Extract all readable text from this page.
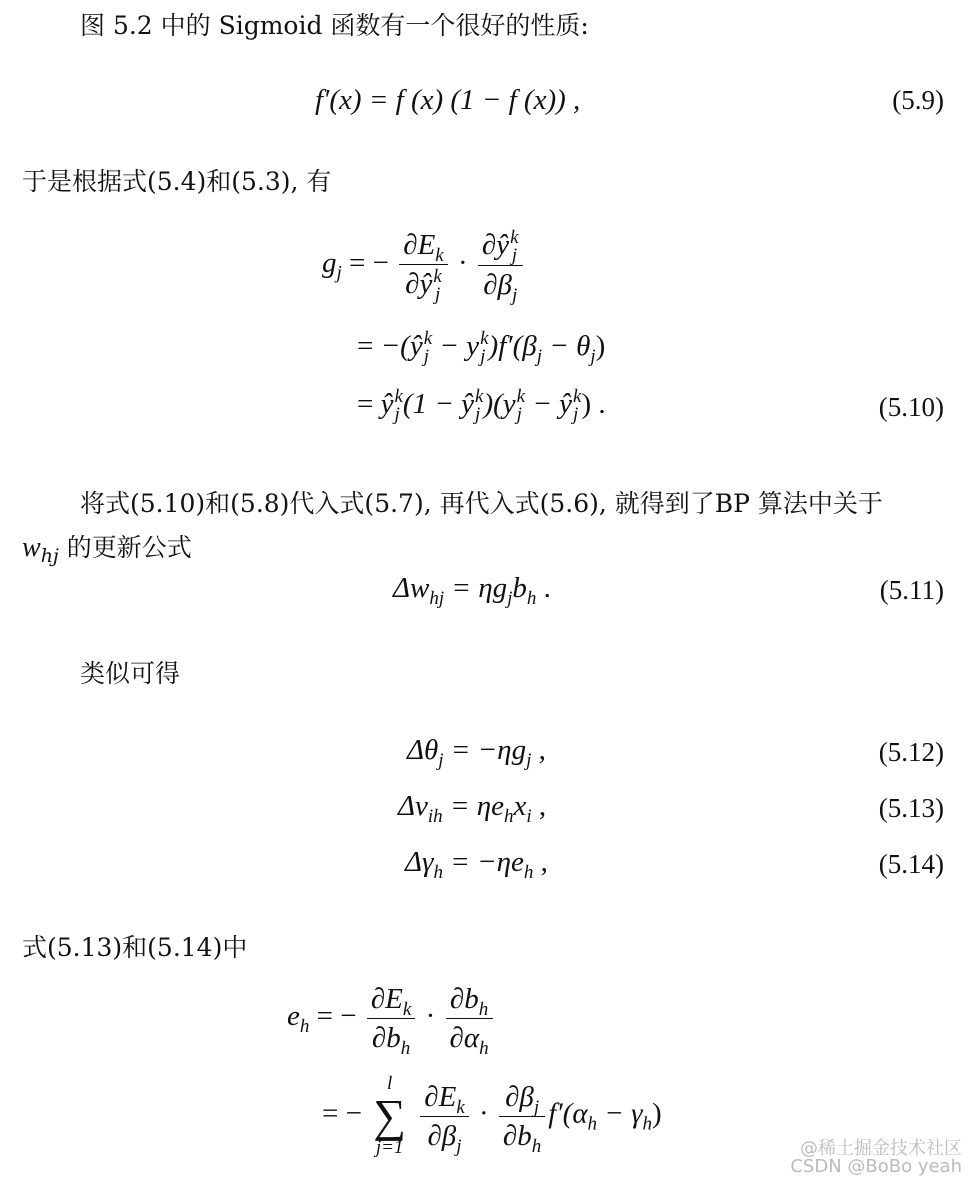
图 5.2 中的 Sigmoid 函数有一个很好的性质:
f′(x) = f (x) (1 − f (x)) ,	(5.9)
于是根据式(5.4)和(5.3), 有
$g_j$ = − $\partial E_k$
∂ŷ k
j · ∂ŷ k
j
$\partial\beta_j$
= −(ŷ k
j − y k
j )$f'(\beta_j - \theta_j)$
= ŷ k
j (1 − ŷ k
j )(y k
j − ŷ k
j ) .	(5.10)
将式(5.10)和(5.8)代入式(5.7), 再代入式(5.6), 就得到了BP 算法中关于
$w_{hj}$ 的更新公式
$\Delta w_{hj} = \eta g_jb_h$ .	(5.11)
类似可得
$\Delta\theta_j = -\eta g_j$ ,	(5.12)
$\Delta v_{ih} = \eta e_hx_i$ ,	(5.13)
$\Delta\gamma_h = -\eta e_h$ ,	(5.14)
式(5.13)和(5.14)中
$e_h$ = − $\frac{\partial E_k}{\partial b_h} \cdot \frac{\partial b_h}{\partial\alpha_h}$
= −
l
∑
j=1
$\frac{\partial E_k}{\partial\beta_j} \cdot \frac{\partial\beta_j}{\partial b_h} f'(\alpha_h - \gamma_h)$
@稀土掘金技术社区
CSDN @BoBo yeah
